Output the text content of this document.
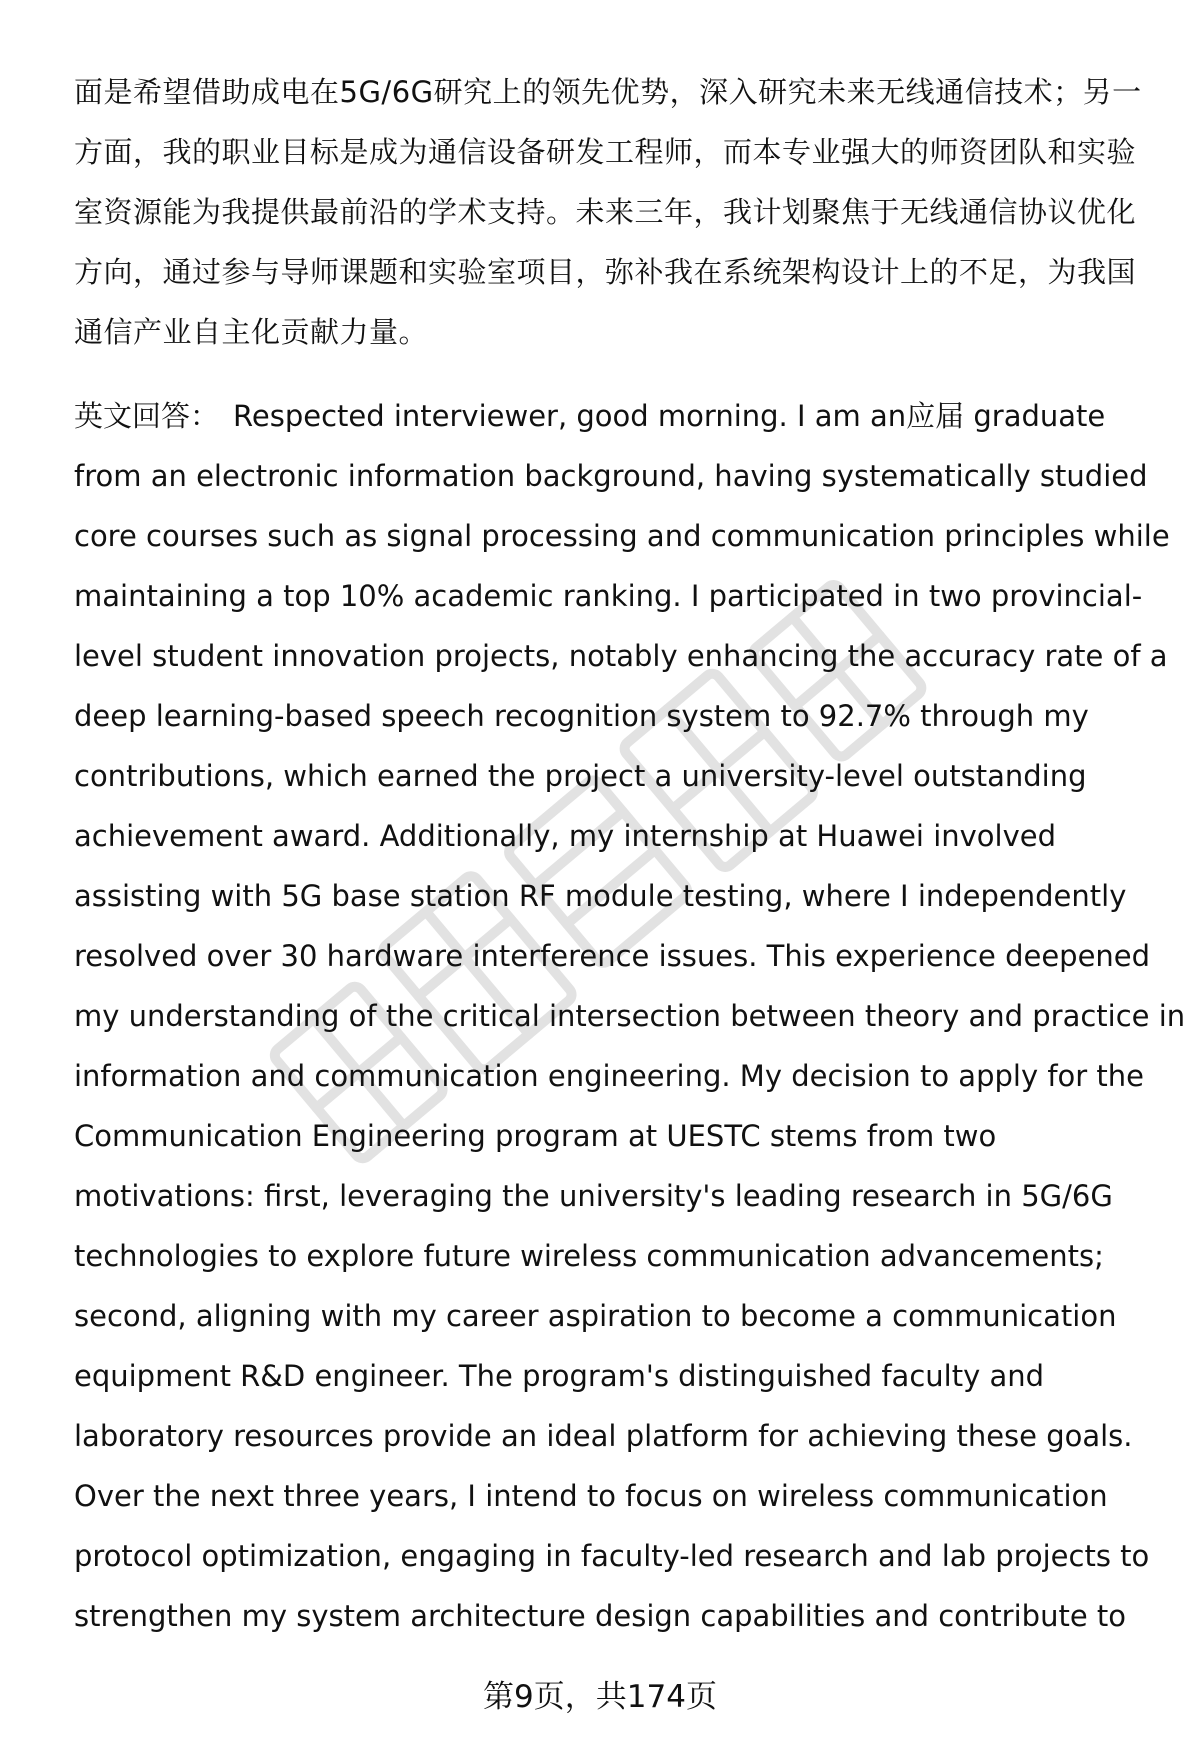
面是希望借助成电在5G/6G研究上的领先优势，深入研究未来无线通信技术；另一
方面，我的职业目标是成为通信设备研发工程师，而本专业强大的师资团队和实验
室资源能为我提供最前沿的学术支持。未来三年，我计划聚焦于无线通信协议优化
方向，通过参与导师课题和实验室项目，弥补我在系统架构设计上的不足，为我国
通信产业自主化贡献力量。
英文回答： Respected interviewer, good morning. I am an应届 graduate
from an electronic information background, having systematically studied
core courses such as signal processing and communication principles while
maintaining a top 10% academic ranking. I participated in two provincial-
level student innovation projects, notably enhancing the accuracy rate of a
deep learning-based speech recognition system to 92.7% through my
contributions, which earned the project a university-level outstanding
achievement award. Additionally, my internship at Huawei involved
assisting with 5G base station RF module testing, where I independently
resolved over 30 hardware interference issues. This experience deepened
my understanding of the critical intersection between theory and practice in
information and communication engineering. My decision to apply for the
Communication Engineering program at UESTC stems from two
motivations: first, leveraging the university's leading research in 5G/6G
technologies to explore future wireless communication advancements;
second, aligning with my career aspiration to become a communication
equipment R&D engineer. The program's distinguished faculty and
laboratory resources provide an ideal platform for achieving these goals.
Over the next three years, I intend to focus on wireless communication
protocol optimization, engaging in faculty-led research and lab projects to
strengthen my system architecture design capabilities and contribute to
第9页，共174页
